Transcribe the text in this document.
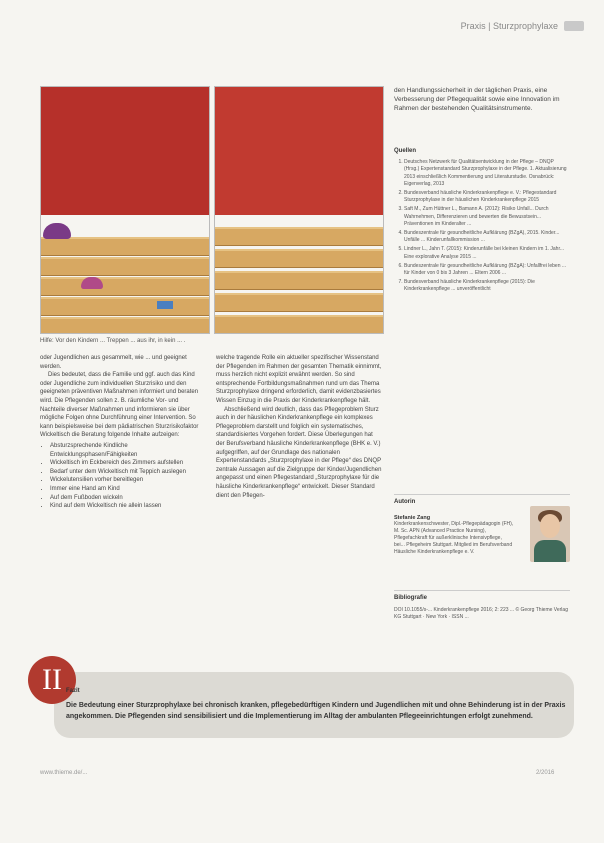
Praxis | Sturzprophylaxe
Hilfe: Vor den Kindern ... Treppen ... aus ihr, in kein ... .

oder Jugendlichen aus gesammelt, wie ... und geeignet werden.

Dies bedeutet, dass die Familie und ggf. auch das Kind oder Jugendliche zum individuellen Sturzrisiko und den geeigneten präventiven Maßnahmen informiert und beraten wird. Die Pflegenden sollen z. B. räumliche Vor- und Nachteile diverser Maßnahmen und informieren sie über mögliche Folgen ohne Durchführung einer Intervention. So kann beispielsweise bei dem pädiatrischen Sturzrisikofaktor Wickeltisch die Beratung folgende Inhalte aufzeigen:

• Absturzsprechende Kindliche Entwicklungsphasen/Fähigkeiten
• Wickeltisch im Eckbereich des Zimmers aufstellen
• Bedarf unter dem Wickeltisch mit Teppich auslegen
• Wickelutensilien vorher bereitlegen
• Immer eine Hand am Kind
• Auf dem Fußboden wickeln
• Kind auf dem Wickeltisch nie allein lassen

welche tragende Rolle ein aktueller spezifischer Wissenstand der Pflegenden im Rahmen der gesamten Thematik einnimmt, muss herzlich nicht explizit erwähnt werden. So sind entsprechende Fortbildungsmaßnahmen rund um das Thema Sturzprophylaxe dringend erforderlich, damit evidenzbasiertes Wissen Einzug in die Praxis der Kinderkrankenpflege hält.

Abschließend wird deutlich, dass das Pflegeproblem Sturz auch in der häuslichen Kinderkrankenpflege ein komplexes Pflegeproblem darstellt und folglich ein systematisches, standardisiertes Vorgehen fordert. Diese Überlegungen hat der Berufsverband häusliche Kinderkrankenpflege (BHK e. V.) aufgegriffen, auf der Grundlage des nationalen Expertenstandards „Sturzprophylaxe in der Pflege“ des DNQP zentrale Aussagen auf die Zielgruppe der Kinder/Jugendlichen angepasst und einen Pflegestandard „Sturzprophylaxe für die häusliche Kinderkrankenpflege“ entwickelt. Dieser Standard dient den Pflegen-

den Handlungssicherheit in der täglichen Praxis, eine Verbesserung der Pflegequalität sowie eine Innovation im Rahmen der bestehenden Qualitätsinstrumente.

Quellen
1. Deutsches Netzwerk für Qualitätsentwicklung in der Pflege – DNQP (Hrsg.) Expertenstandard Sturzprophylaxe in der Pflege. 1. Aktualisierung 2013 einschließlich Kommentierung und Literaturstudie. Osnabrück: Eigenverlag, 2013
2. Bundesverband häusliche Kinderkrankenpflege e. V.: Pflegestandard Sturzprophylaxe in der häuslichen Kinderkrankenpflege 2015
3. Saft M., Zum Hüttner L., Bamann A. (2012): Risiko Unfall... Durch Wahrnehmen, Differenzieren und bewerten die Bewusstsein... Präventionen im Kinderalter ...
4. Bundeszentrale für gesundheitliche Aufklärung (BZgA), 2015. Kinder... Unfälle ... Kinderunfallkommission ...
5. Lindner L., Jahn T. (2015): Kinderunfälle bei kleinen Kindern im 1. Jahr... Eine explorative Analyse 2015 ...
6. Bundeszentrale für gesundheitliche Aufklärung (BZgA): Unfallfrei leben ... für Kinder von 0 bis 3 Jahren ... Eltern 2006 ...
7. Bundesverband häusliche Kinderkrankenpflege (2015): Die Kinderkrankenpflege ... unveröffentlicht
Autorin
Stefanie Zang
Kinderkrankenschwester, Dipl.-Pflegepädagogin (FH), M. Sc. APN (Advanced Practice Nursing), Pflegefachkraft für außerklinische Intensivpflege, bei... Pflegeheim Stuttgart. Mitglied im Berufsverband Häusliche Kinderkrankenpflege e. V.
Bibliografie
DOI 10.1055/s-... Kinderkrankenpflege 2016; 2: 223 ... © Georg Thieme Verlag KG Stuttgart · New York · ISSN ...
II Fazit
Die Bedeutung einer Sturzprophylaxe bei chronisch kranken, pflegebedürftigen Kindern und Jugendlichen mit und ohne Behinderung ist in der Praxis angekommen. Die Pflegenden sind sensibilisiert und die Implementierung im Alltag der ambulanten Pflegeeinrichtungen erfolgt zunehmend.
www.thieme.de/...	2/2016
